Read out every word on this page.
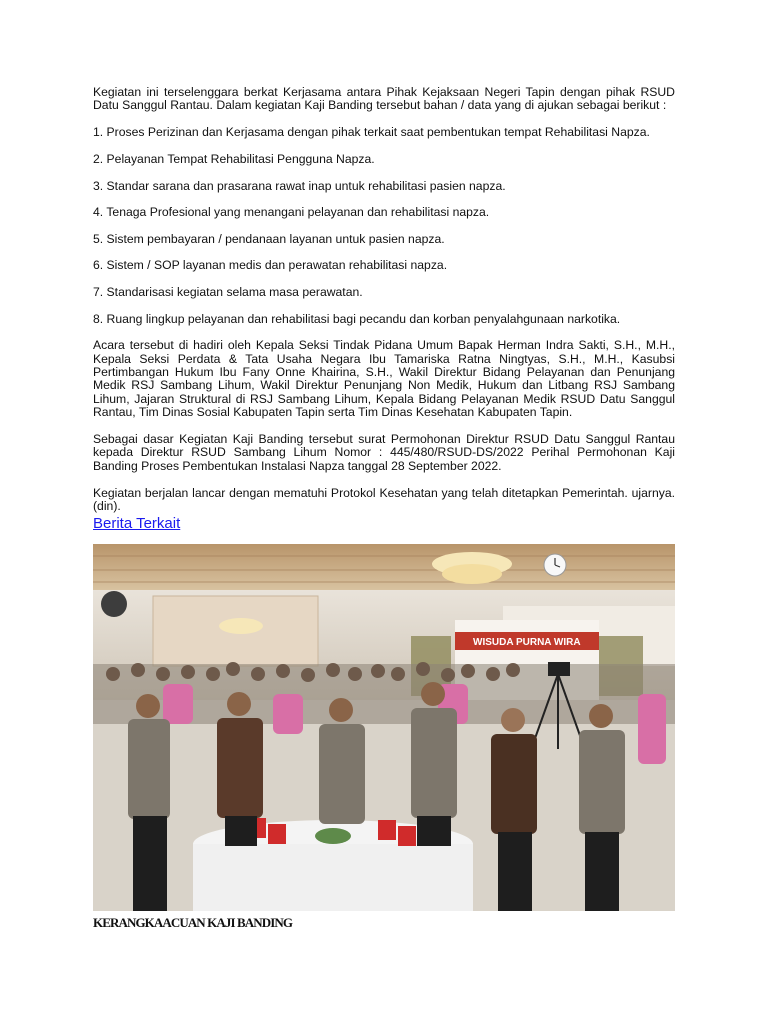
Kegiatan ini terselenggara berkat Kerjasama antara Pihak Kejaksaan Negeri Tapin dengan pihak RSUD Datu Sanggul Rantau. Dalam kegiatan Kaji Banding tersebut bahan / data yang di ajukan sebagai berikut :

1. Proses Perizinan dan Kerjasama dengan pihak terkait saat pembentukan tempat Rehabilitasi Napza.

2. Pelayanan Tempat Rehabilitasi Pengguna Napza.

3. Standar sarana dan prasarana rawat inap untuk rehabilitasi pasien napza.

4. Tenaga Profesional yang menangani pelayanan dan rehabilitasi napza.

5. Sistem pembayaran / pendanaan layanan untuk pasien napza.

6. Sistem / SOP layanan medis dan perawatan rehabilitasi napza.

7. Standarisasi kegiatan selama masa perawatan.

8. Ruang lingkup pelayanan dan rehabilitasi bagi pecandu dan korban penyalahgunaan narkotika.

Acara tersebut di hadiri oleh Kepala Seksi Tindak Pidana Umum Bapak Herman Indra Sakti, S.H., M.H., Kepala Seksi Perdata & Tata Usaha Negara Ibu Tamariska Ratna Ningtyas, S.H., M.H., Kasubsi Pertimbangan Hukum Ibu Fany Onne Khairina, S.H., Wakil Direktur Bidang Pelayanan dan Penunjang Medik RSJ Sambang Lihum, Wakil Direktur Penunjang Non Medik, Hukum dan Litbang RSJ Sambang Lihum, Jajaran Struktural di RSJ Sambang Lihum, Kepala Bidang Pelayanan Medik RSUD Datu Sanggul Rantau, Tim Dinas Sosial Kabupaten Tapin serta Tim Dinas Kesehatan Kabupaten Tapin.

Sebagai dasar Kegiatan Kaji Banding tersebut surat Permohonan Direktur RSUD Datu Sanggul Rantau kepada Direktur RSUD Sambang Lihum Nomor : 445/480/RSUD-DS/2022 Perihal Permohonan Kaji Banding Proses Pembentukan Instalasi Napza tanggal 28 September 2022.

Kegiatan berjalan lancar dengan mematuhi Protokol Kesehatan yang telah ditetapkan Pemerintah. ujarnya. (din).

Berita Terkait
WISUDA PURNA WIRA
KERANGKAACUAN KAJI BANDING
